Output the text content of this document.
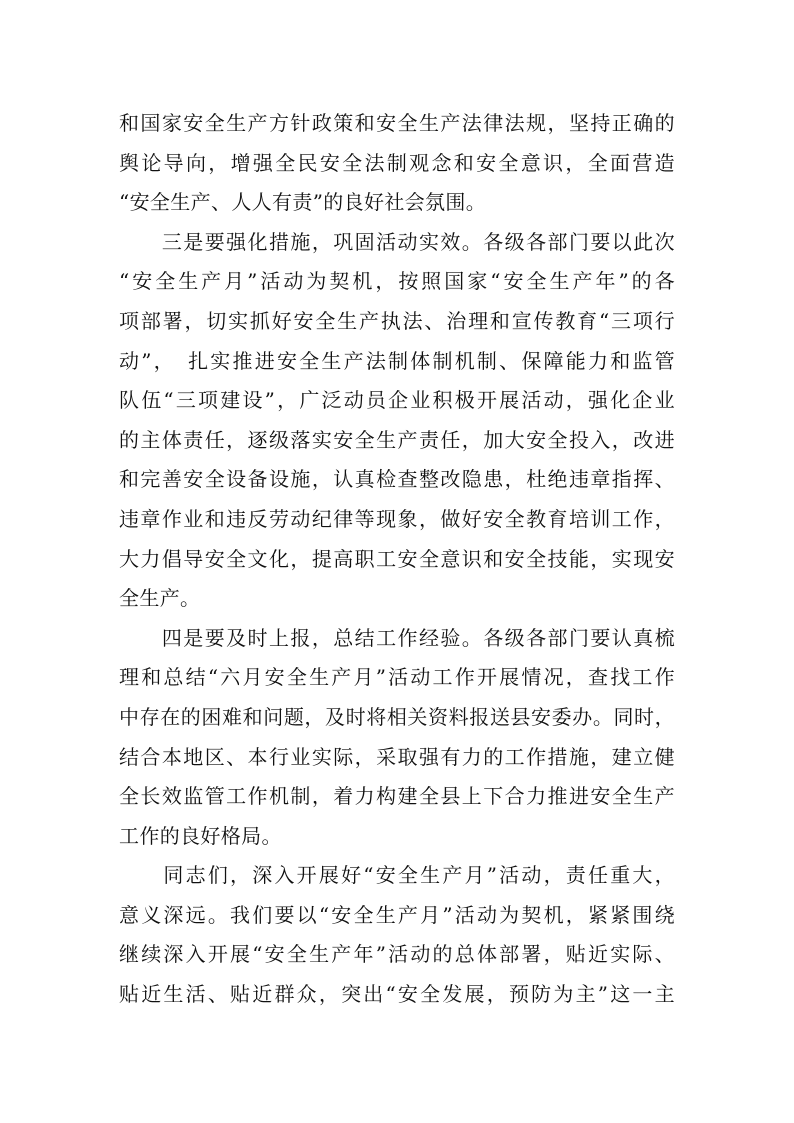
和国家安全生产方针政策和安全生产法律法规，坚持正确的
舆论导向，增强全民安全法制观念和安全意识，全面营造
“安全生产、人人有责”的良好社会氛围。
　　三是要强化措施，巩固活动实效。各级各部门要以此次
“安全生产月”活动为契机，按照国家“安全生产年”的各
项部署，切实抓好安全生产执法、治理和宣传教育“三项行
动”，　扎实推进安全生产法制体制机制、保障能力和监管
队伍“三项建设”，广泛动员企业积极开展活动，强化企业
的主体责任，逐级落实安全生产责任，加大安全投入，改进
和完善安全设备设施，认真检查整改隐患，杜绝违章指挥、
违章作业和违反劳动纪律等现象，做好安全教育培训工作，
大力倡导安全文化，提高职工安全意识和安全技能，实现安
全生产。
　　四是要及时上报，总结工作经验。各级各部门要认真梳
理和总结“六月安全生产月”活动工作开展情况，查找工作
中存在的困难和问题，及时将相关资料报送县安委办。同时，
结合本地区、本行业实际，采取强有力的工作措施，建立健
全长效监管工作机制，着力构建全县上下合力推进安全生产
工作的良好格局。
　　同志们，深入开展好“安全生产月”活动，责任重大，
意义深远。我们要以“安全生产月”活动为契机，紧紧围绕
继续深入开展“安全生产年”活动的总体部署，贴近实际、
贴近生活、贴近群众，突出“安全发展，预防为主”这一主
